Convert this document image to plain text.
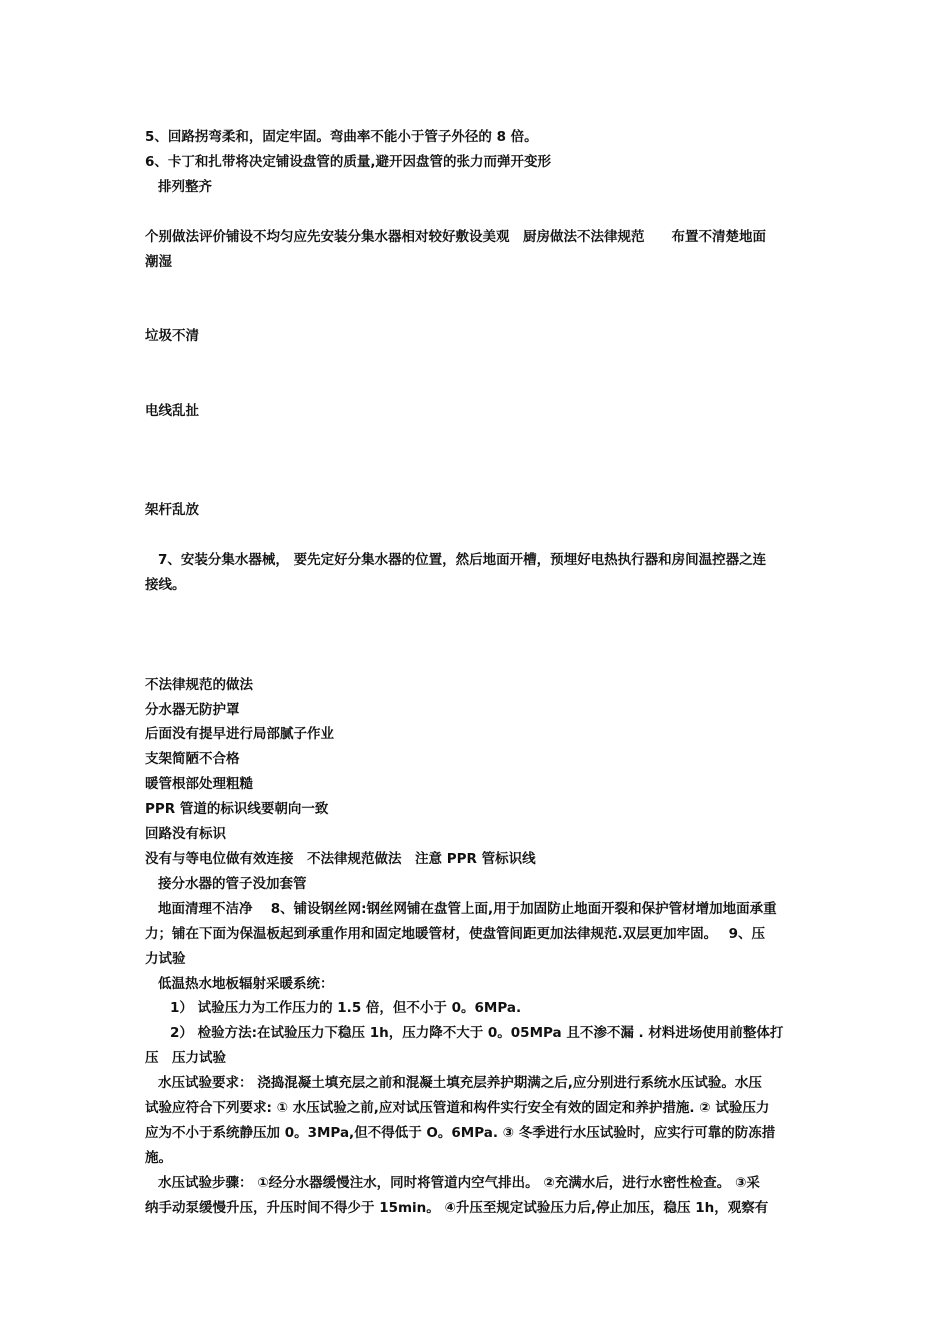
5、回路拐弯柔和，固定牢固。弯曲率不能小于管子外径的 8 倍。
6、卡丁和扎带将决定铺设盘管的质量,避开因盘管的张力而弹开变形
排列整齐
个别做法评价铺设不均匀应先安装分集水器相对较好敷设美观　厨房做法不法律规范　　布置不清楚地面
潮湿
垃圾不清
电线乱扯
架杆乱放
7、安装分集水器械， 要先定好分集水器的位置，然后地面开槽，预埋好电热执行器和房间温控器之连
接线。
不法律规范的做法
分水器无防护罩
后面没有提早进行局部腻子作业
支架简陋不合格
暖管根部处理粗糙
PPR 管道的标识线要朝向一致
回路没有标识
没有与等电位做有效连接　不法律规范做法　注意 PPR 管标识线
接分水器的管子没加套管
地面清理不洁净　 8、铺设钢丝网:钢丝网铺在盘管上面,用于加固防止地面开裂和保护管材增加地面承重
力；铺在下面为保温板起到承重作用和固定地暖管材，使盘管间距更加法律规范.双层更加牢固。　 9、压
力试验
低温热水地板辐射采暖系统：
1） 试验压力为工作压力的 1.5 倍，但不小于 0。6MPa.
2） 检验方法:在试验压力下稳压 1h，压力降不大于 0。05MPa 且不渗不漏 . 材料进场使用前整体打
压　压力试验
水压试验要求： 浇捣混凝土填充层之前和混凝土填充层养护期满之后,应分别进行系统水压试验。水压
试验应符合下列要求: ① 水压试验之前,应对试压管道和构件实行安全有效的固定和养护措施. ② 试验压力
应为不小于系统静压加 0。3MPa,但不得低于 O。6MPa. ③ 冬季进行水压试验时，应实行可靠的防冻措
施。
水压试验步骤： ①经分水器缓慢注水，同时将管道内空气排出。 ②充满水后，进行水密性检查。 ③采
纳手动泵缓慢升压，升压时间不得少于 15min。 ④升压至规定试验压力后,停止加压，稳压 1h，观察有
